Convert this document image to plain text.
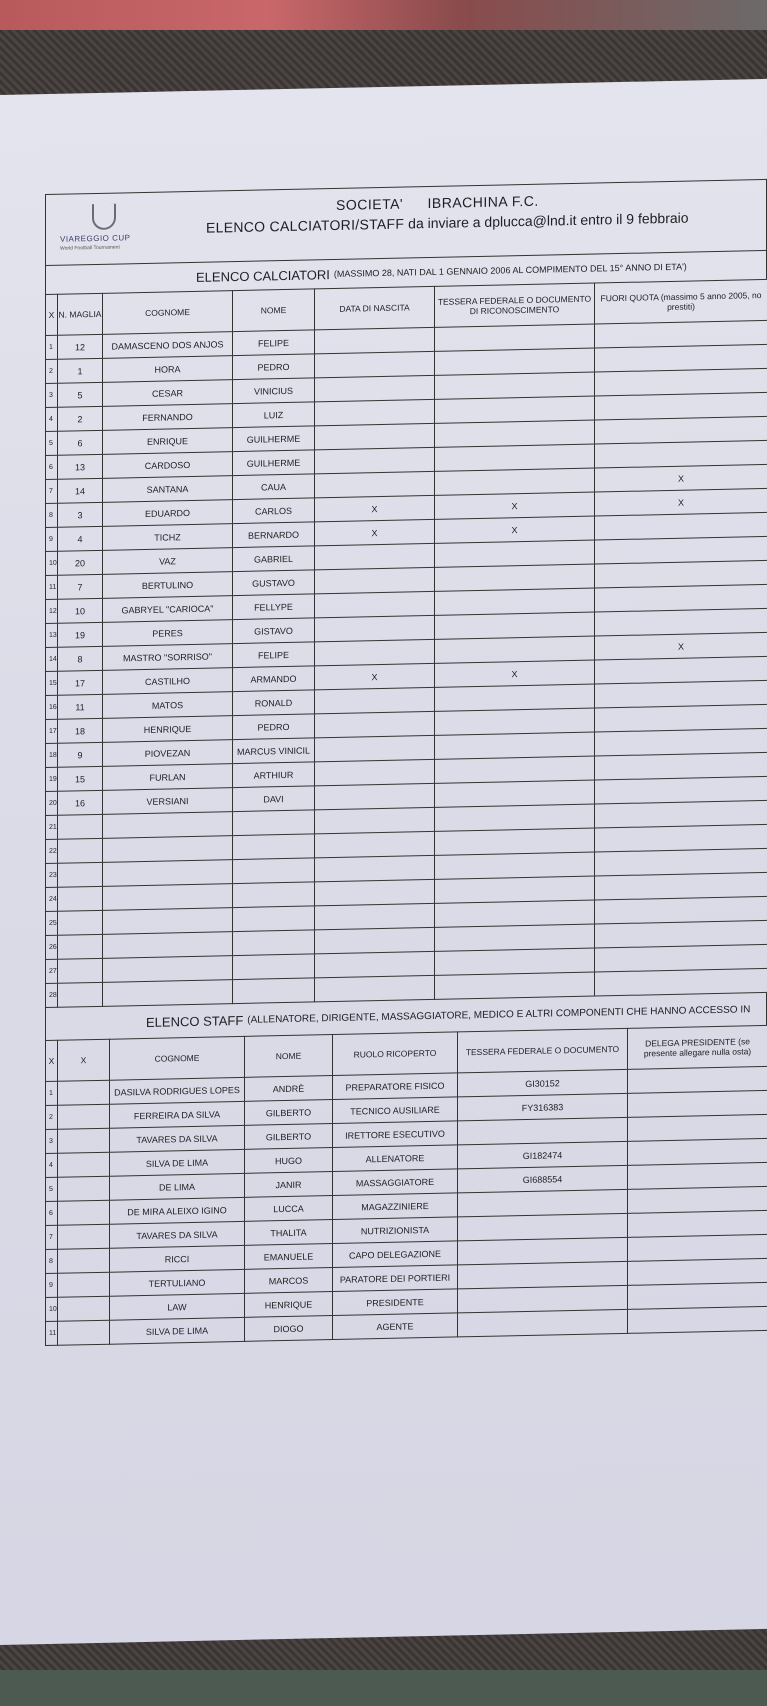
VIAREGGIO CUP
World Football Tournament
SOCIETA' IBRACHINA F.C.
ELENCO CALCIATORI/STAFF da inviare a dplucca@lnd.it entro il 9 febbraio
ELENCO CALCIATORI (MASSIMO 28, NATI DAL 1 GENNAIO 2006 AL COMPIMENTO DEL 15° ANNO DI ETA')
X	N. MAGLIA	COGNOME	NOME	DATA DI NASCITA	TESSERA FEDERALE O DOCUMENTO DI RICONOSCIMENTO	FUORI QUOTA (massimo 5 anno 2005, no prestiti)
1	12	DAMASCENO DOS ANJOS	FELIPE			
2	1	HORA	PEDRO			
3	5	CESAR	VINICIUS			
4	2	FERNANDO	LUIZ			
5	6	ENRIQUE	GUILHERME			
6	13	CARDOSO	GUILHERME			
7	14	SANTANA	CAUA			X
8	3	EDUARDO	CARLOS	X	X	X
9	4	TICHZ	BERNARDO	X	X	
10	20	VAZ	GABRIEL			
11	7	BERTULINO	GUSTAVO			
12	10	GABRYEL "CARIOCA"	FELLYPE			
13	19	PERES	GISTAVO			
14	8	MASTRO "SORRISO"	FELIPE			X
15	17	CASTILHO	ARMANDO	X	X	
16	11	MATOS	RONALD			
17	18	HENRIQUE	PEDRO			
18	9	PIOVEZAN	MARCUS VINICIL			
19	15	FURLAN	ARTHIUR			
20	16	VERSIANI	DAVI			
21						
22						
23						
24						
25						
26						
27						
28						
ELENCO STAFF (ALLENATORE, DIRIGENTE, MASSAGGIATORE, MEDICO E ALTRI COMPONENTI CHE HANNO ACCESSO IN
X	X	COGNOME	NOME	RUOLO RICOPERTO	TESSERA FEDERALE O DOCUMENTO	DELEGA PRESIDENTE (se presente allegare nulla osta)
1		DASILVA RODRIGUES LOPES	ANDRÈ	PREPARATORE FISICO	GI30152	
2		FERREIRA DA SILVA	GILBERTO	TECNICO AUSILIARE	FY316383	
3		TAVARES DA SILVA	GILBERTO	IRETTORE ESECUTIVO		
4		SILVA DE LIMA	HUGO	ALLENATORE	GI182474	
5		DE LIMA	JANIR	MASSAGGIATORE	GI688554	
6		DE MIRA ALEIXO IGINO	LUCCA	MAGAZZINIERE		
7		TAVARES DA SILVA	THALITA	NUTRIZIONISTA		
8		RICCI	EMANUELE	CAPO DELEGAZIONE		
9		TERTULIANO	MARCOS	PARATORE DEI PORTIERI		
10		LAW	HENRIQUE	PRESIDENTE		
11		SILVA DE LIMA	DIOGO	AGENTE		
